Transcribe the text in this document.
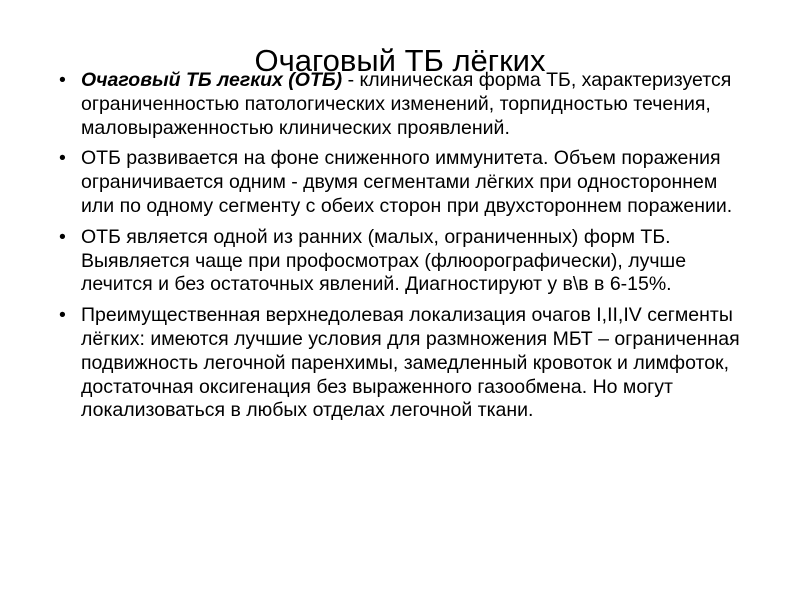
Очаговый ТБ лёгких
• Очаговый ТБ легких (ОТБ) - клиническая форма ТБ, характеризуется ограниченностью патологических изменений, торпидностью течения, маловыраженностью клинических проявлений.
• ОТБ развивается на фоне сниженного иммунитета. Объем поражения ограничивается одним - двумя сегментами лёгких при одностороннем или по одному сегменту с обеих сторон при двухстороннем поражении.
• ОТБ является одной из ранних (малых, ограниченных) форм ТБ. Выявляется чаще при профосмотрах (флюорографически), лучше лечится и без остаточных явлений. Диагностируют у в\в в 6-15%.
• Преимущественная верхнедолевая локализация очагов I,II,IV сегменты лёгких: имеются лучшие условия для размножения МБТ – ограниченная подвижность легочной паренхимы, замедленный кровоток и лимфоток, достаточная оксигенация без выраженного газообмена. Но могут локализоваться в любых отделах легочной ткани.
